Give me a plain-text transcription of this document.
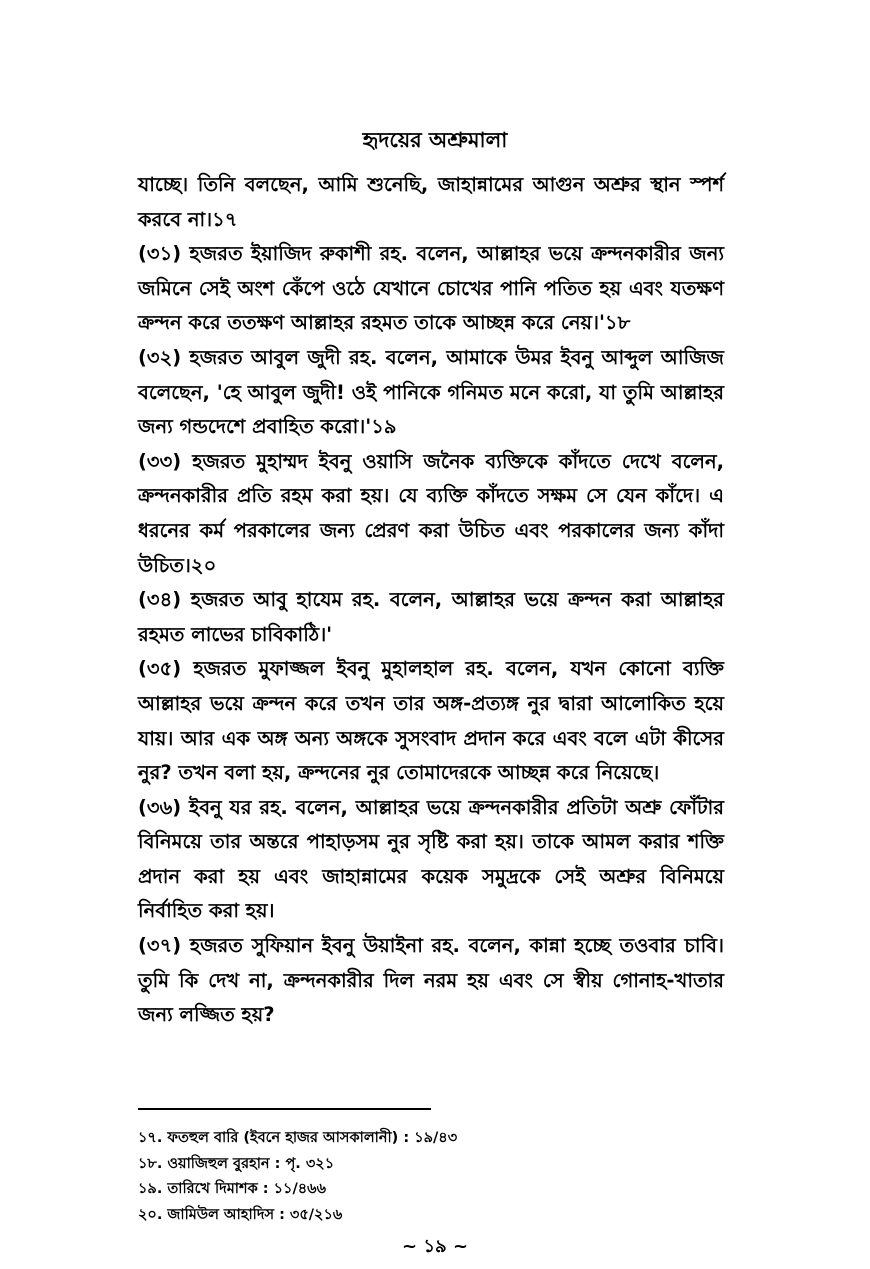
হৃদয়ের অশ্রুমালা

যাচ্ছে। তিনি বলছেন, আমি শুনেছি, জাহান্নামের আগুন অশ্রুর স্থান স্পর্শ করবে না।১৭

(৩১) হজরত ইয়াজিদ রুকাশী রহ. বলেন, আল্লাহর ভয়ে ক্রন্দনকারীর জন্য জমিনে সেই অংশ কেঁপে ওঠে যেখানে চোখের পানি পতিত হয় এবং যতক্ষণ ক্রন্দন করে ততক্ষণ আল্লাহর রহমত তাকে আচ্ছন্ন করে নেয়।'১৮

(৩২) হজরত আবুল জুদী রহ. বলেন, আমাকে উমর ইবনু আব্দুল আজিজ বলেছেন, 'হে আবুল জুদী! ওই পানিকে গনিমত মনে করো, যা তুমি আল্লাহর জন্য গন্ডদেশে প্রবাহিত করো।'১৯

(৩৩) হজরত মুহাম্মদ ইবনু ওয়াসি জনৈক ব্যক্তিকে কাঁদতে দেখে বলেন, ক্রন্দনকারীর প্রতি রহম করা হয়। যে ব্যক্তি কাঁদতে সক্ষম সে যেন কাঁদে। এ ধরনের কর্ম পরকালের জন্য প্রেরণ করা উচিত এবং পরকালের জন্য কাঁদা উচিত।২০

(৩৪) হজরত আবু হাযেম রহ. বলেন, আল্লাহর ভয়ে ক্রন্দন করা আল্লাহর রহমত লাভের চাবিকাঠি।'

(৩৫) হজরত মুফাজ্জল ইবনু মুহালহাল রহ. বলেন, যখন কোনো ব্যক্তি আল্লাহর ভয়ে ক্রন্দন করে তখন তার অঙ্গ-প্রত্যঙ্গ নুর দ্বারা আলোকিত হয়ে যায়। আর এক অঙ্গ অন্য অঙ্গকে সুসংবাদ প্রদান করে এবং বলে এটা কীসের নুর? তখন বলা হয়, ক্রন্দনের নুর তোমাদেরকে আচ্ছন্ন করে নিয়েছে।

(৩৬) ইবনু যর রহ. বলেন, আল্লাহর ভয়ে ক্রন্দনকারীর প্রতিটা অশ্রু ফোঁটার বিনিময়ে তার অন্তরে পাহাড়সম নুর সৃষ্টি করা হয়। তাকে আমল করার শক্তি প্রদান করা হয় এবং জাহান্নামের কয়েক সমুদ্রকে সেই অশ্রুর বিনিময়ে নির্বাহিত করা হয়।

(৩৭) হজরত সুফিয়ান ইবনু উয়াইনা রহ. বলেন, কান্না হচ্ছে তওবার চাবি। তুমি কি দেখ না, ক্রন্দনকারীর দিল নরম হয় এবং সে স্বীয় গোনাহ-খাতার জন্য লজ্জিত হয়?

১৭. ফতহুল বারি (ইবনে হাজর আসকালানী) : ১৯/৪৩
১৮. ওয়াজিহুল বুরহান : পৃ. ৩২১
১৯. তারিখে দিমাশক : ১১/৪৬৬
২০. জামিউল আহাদিস : ৩৫/২১৬
~ ১৯ ~
